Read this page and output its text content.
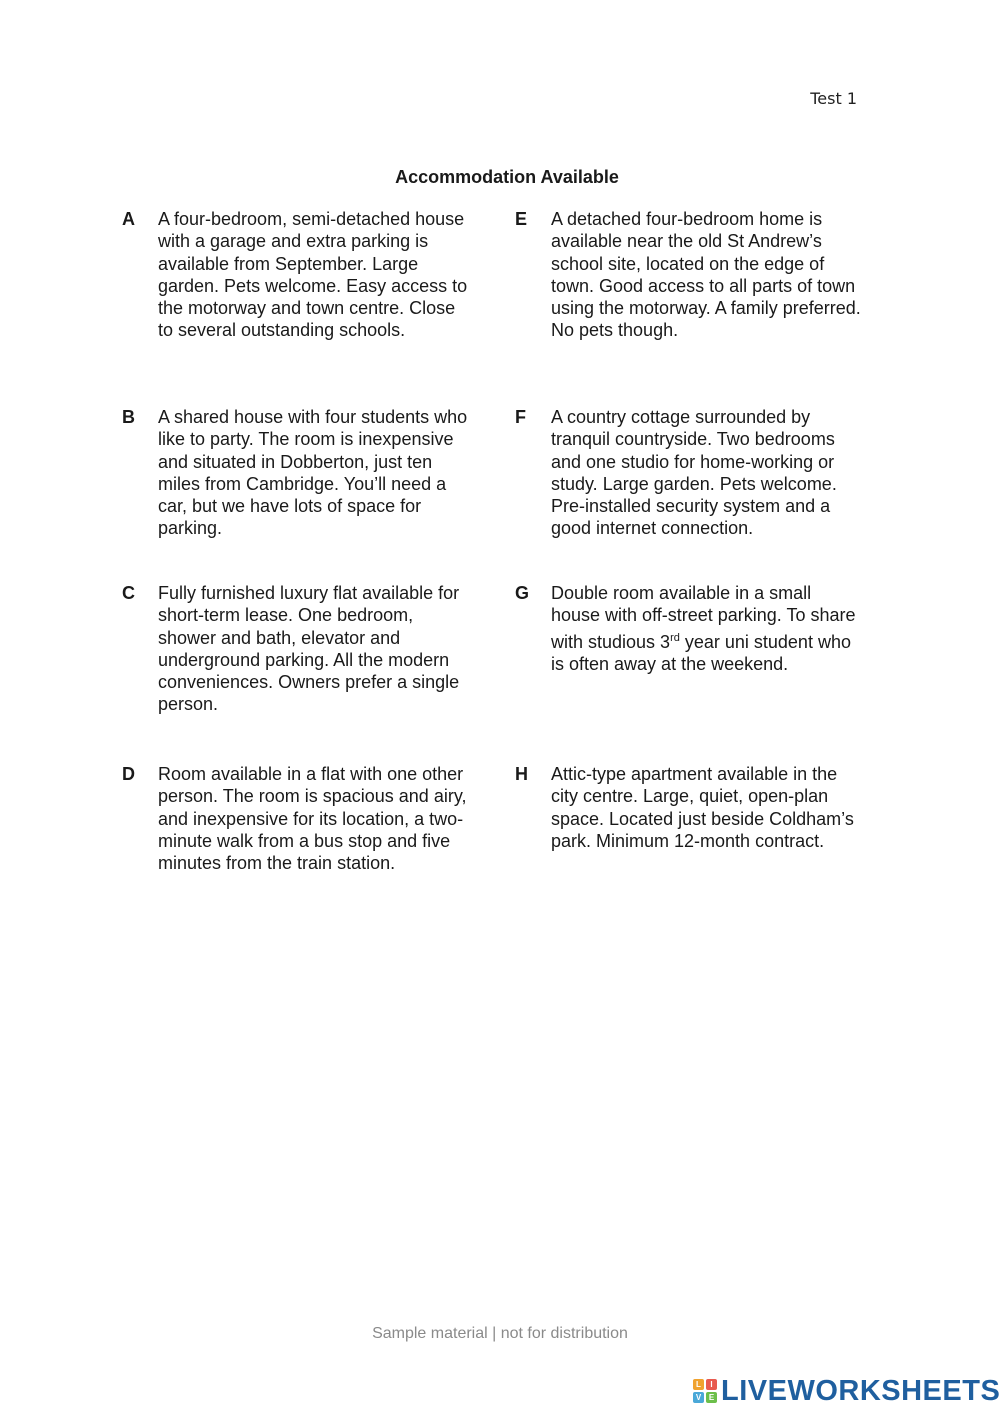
Test 1
Accommodation Available
A A four-bedroom, semi-detached house with a garage and extra parking is available from September. Large garden. Pets welcome. Easy access to the motorway and town centre. Close to several outstanding schools.
B A shared house with four students who like to party. The room is inexpensive and situated in Dobberton, just ten miles from Cambridge. You’ll need a car, but we have lots of space for parking.
C Fully furnished luxury flat available for short-term lease. One bedroom, shower and bath, elevator and underground parking. All the modern conveniences. Owners prefer a single person.
D Room available in a flat with one other person. The room is spacious and airy, and inexpensive for its location, a two-minute walk from a bus stop and five minutes from the train station.
E A detached four-bedroom home is available near the old St Andrew’s school site, located on the edge of town. Good access to all parts of town using the motorway. A family preferred. No pets though.
F A country cottage surrounded by tranquil countryside. Two bedrooms and one studio for home-working or study. Large garden. Pets welcome. Pre-installed security system and a good internet connection.
G Double room available in a small house with off-street parking. To share with studious 3rd year uni student who is often away at the weekend.
H Attic-type apartment available in the city centre. Large, quiet, open-plan space. Located just beside Coldham’s park. Minimum 12-month contract.
Sample material | not for distribution
L	I
V E LIVEWORKSHEETS
